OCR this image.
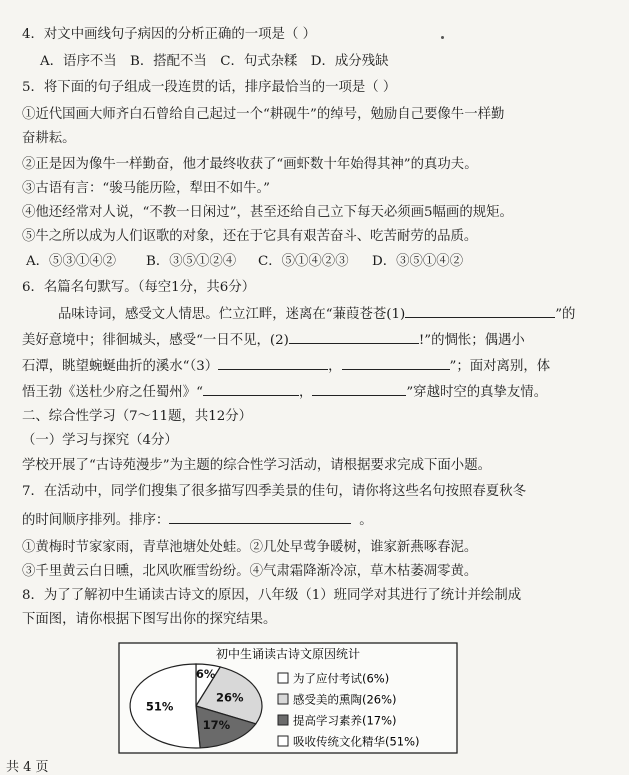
4．对文中画线句子病因的分析正确的一项是（ ）
A．语序不当　B．搭配不当　C．句式杂糅　D．成分残缺
5．将下面的句子组成一段连贯的话，排序最恰当的一项是（ ）
①近代国画大师齐白石曾给自己起过一个“耕砚牛”的绰号，勉励自己要像牛一样勤
奋耕耘。
②正是因为像牛一样勤奋，他才最终收获了“画虾数十年始得其神”的真功夫。
③古语有言：“骏马能历险，犁田不如牛。”
④他还经常对人说，“不教一日闲过”，甚至还给自己立下每天必须画5幅画的规矩。
⑤牛之所以成为人们讴歌的对象，还在于它具有艰苦奋斗、吃苦耐劳的品质。
A．⑤③①④② B．③⑤①②④ C．⑤①④②③ D．③⑤①④②
6．名篇名句默写。（每空1分，共6分）
品味诗词，感受文人情思。伫立江畔，迷离在“蒹葭苍苍(1)	”的
美好意境中；徘徊城头，感受“一日不见，(2)	!”的惆怅；偶遇小
石潭，眺望蜿蜒曲折的溪水“（3）	，	”；面对离别，体
悟王勃《送杜少府之任蜀州》“	，	”穿越时空的真挚友情。
二、综合性学习（7～11题，共12分）
（一）学习与探究（4分）
学校开展了“古诗苑漫步”为主题的综合性学习活动，请根据要求完成下面小题。
7．在活动中，同学们搜集了很多描写四季美景的佳句，请你将这些名句按照春夏秋冬
的时间顺序排列。排序：	。
①黄梅时节家家雨，青草池塘处处蛙。②几处早莺争暖树，谁家新燕啄春泥。
③千里黄云白日曛，北风吹雁雪纷纷。④气肃霜降渐冷凉，草木枯萎凋零黄。
8．为了了解初中生诵读古诗文的原因，八年级（1）班同学对其进行了统计并绘制成
下面图，请你根据下图写出你的探究结果。
初中生诵读古诗文原因统计
6%
26%
17%
51%
为了应付考试(6%)
感受美的熏陶(26%)
提高学习素养(17%)
吸收传统文化精华(51%)
共 4 页
